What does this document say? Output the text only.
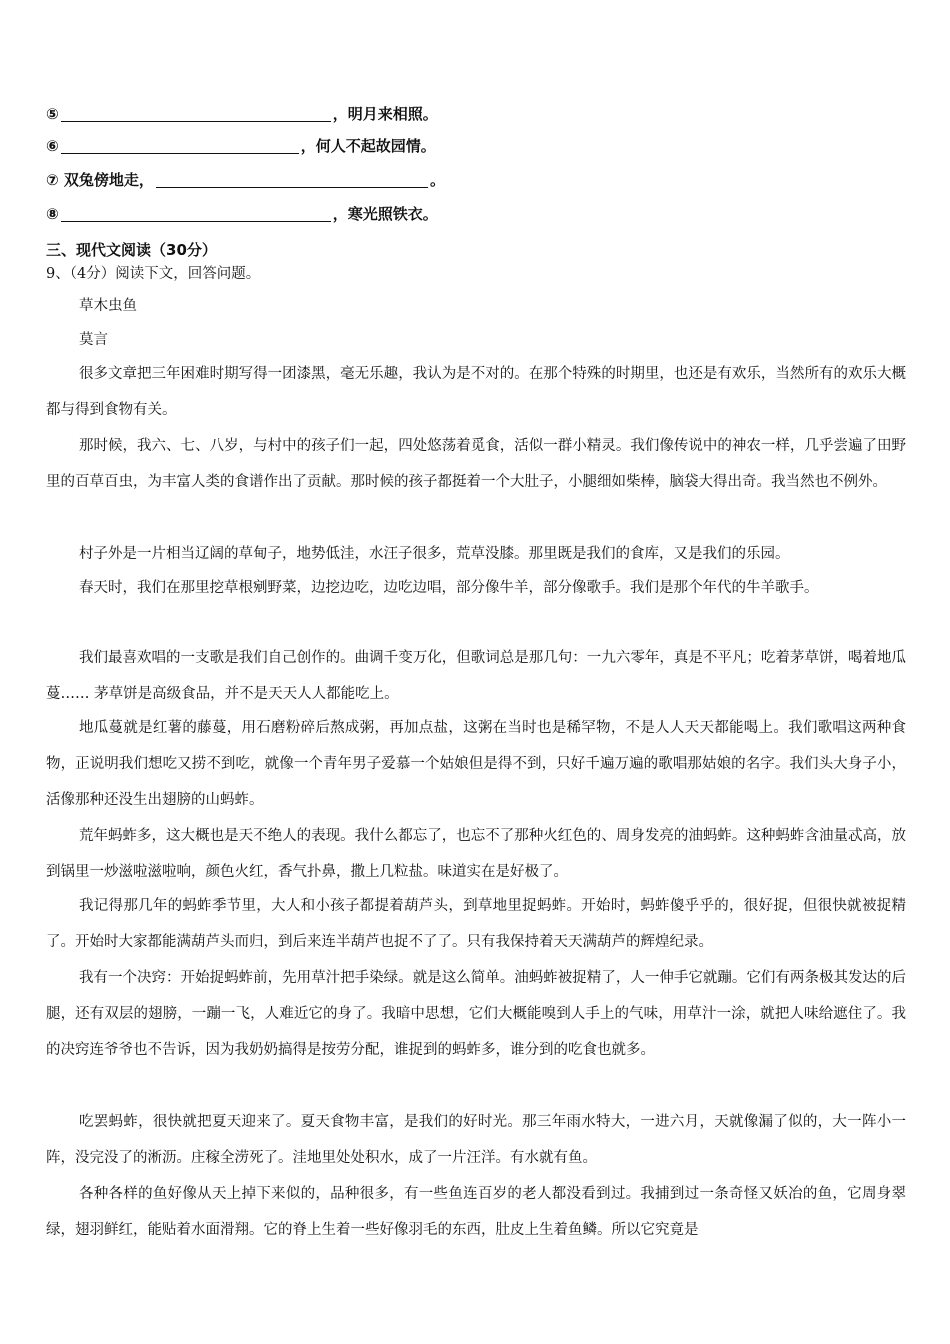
⑤	，明月来相照。
⑥	，何人不起故园情。
⑦ 双兔傍地走，	。
⑧	，寒光照铁衣。
三、现代文阅读（30分）
9、（4分）阅读下文，回答问题。
草木虫鱼
莫言

很多文章把三年困难时期写得一团漆黑，毫无乐趣，我认为是不对的。在那个特殊的时期里，也还是有欢乐，当然所有的欢乐大概都与得到食物有关。

那时候，我六、七、八岁，与村中的孩子们一起，四处悠荡着觅食，活似一群小精灵。我们像传说中的神农一样，几乎尝遍了田野里的百草百虫，为丰富人类的食谱作出了贡献。那时候的孩子都挺着一个大肚子，小腿细如柴棒，脑袋大得出奇。我当然也不例外。

村子外是一片相当辽阔的草甸子，地势低洼，水汪子很多，荒草没膝。那里既是我们的食库，又是我们的乐园。

春天时，我们在那里挖草根剜野菜，边挖边吃，边吃边唱，部分像牛羊，部分像歌手。我们是那个年代的牛羊歌手。

我们最喜欢唱的一支歌是我们自己创作的。曲调千变万化，但歌词总是那几句：一九六零年，真是不平凡；吃着茅草饼，喝着地瓜蔓…… 茅草饼是高级食品，并不是天天人人都能吃上。

地瓜蔓就是红薯的藤蔓，用石磨粉碎后熬成粥，再加点盐，这粥在当时也是稀罕物，不是人人天天都能喝上。我们歌唱这两种食物，正说明我们想吃又捞不到吃，就像一个青年男子爱慕一个姑娘但是得不到，只好千遍万遍的歌唱那姑娘的名字。我们头大身子小，活像那种还没生出翅膀的山蚂蚱。

荒年蚂蚱多，这大概也是天不绝人的表现。我什么都忘了，也忘不了那种火红色的、周身发亮的油蚂蚱。这种蚂蚱含油量忒高，放到锅里一炒滋啦滋啦响，颜色火红，香气扑鼻，撒上几粒盐。味道实在是好极了。

我记得那几年的蚂蚱季节里，大人和小孩子都提着葫芦头，到草地里捉蚂蚱。开始时，蚂蚱傻乎乎的，很好捉，但很快就被捉精了。开始时大家都能满葫芦头而归，到后来连半葫芦也捉不了了。只有我保持着天天满葫芦的辉煌纪录。

我有一个决窍：开始捉蚂蚱前，先用草汁把手染绿。就是这么简单。油蚂蚱被捉精了，人一伸手它就蹦。它们有两条极其发达的后腿，还有双层的翅膀，一蹦一飞，人难近它的身了。我暗中思想，它们大概能嗅到人手上的气味，用草汁一涂，就把人味给遮住了。我的决窍连爷爷也不告诉，因为我奶奶搞得是按劳分配，谁捉到的蚂蚱多，谁分到的吃食也就多。

吃罢蚂蚱，很快就把夏天迎来了。夏天食物丰富，是我们的好时光。那三年雨水特大，一进六月，天就像漏了似的，大一阵小一阵，没完没了的淅沥。庄稼全涝死了。洼地里处处积水，成了一片汪洋。有水就有鱼。

各种各样的鱼好像从天上掉下来似的，品种很多，有一些鱼连百岁的老人都没看到过。我捕到过一条奇怪又妖冶的鱼，它周身翠绿，翅羽鲜红，能贴着水面滑翔。它的脊上生着一些好像羽毛的东西，肚皮上生着鱼鳞。所以它究竟是
